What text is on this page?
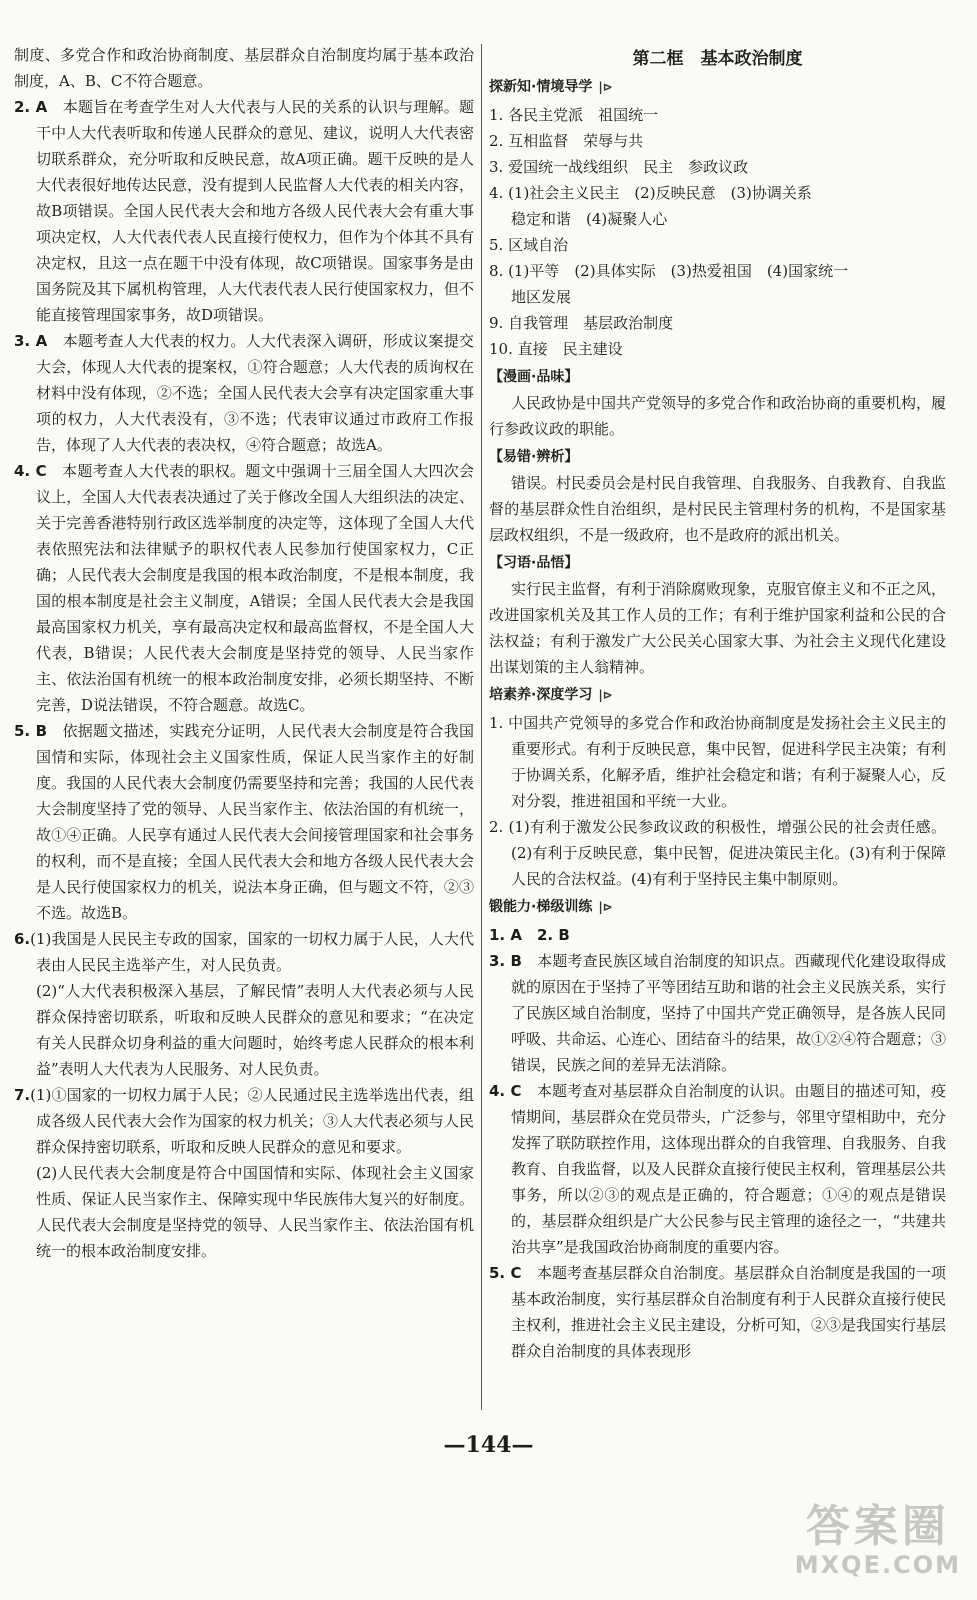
制度、多党合作和政治协商制度、基层群众自治制度均属于基本政治制度，A、B、C不符合题意。

2. A　 本题旨在考查学生对人大代表与人民的关系的认识与理解。题干中人大代表听取和传递人民群众的意见、建议，说明人大代表密切联系群众，充分听取和反映民意，故A项正确。题干反映的是人大代表很好地传达民意，没有提到人民监督人大代表的相关内容，故B项错误。全国人民代表大会和地方各级人民代表大会有重大事项决定权，人大代表代表人民直接行使权力，但作为个体其不具有决定权，且这一点在题干中没有体现，故C项错误。国家事务是由国务院及其下属机构管理，人大代表代表人民行使国家权力，但不能直接管理国家事务，故D项错误。

3. A　 本题考查人大代表的权力。人大代表深入调研，形成议案提交大会，体现人大代表的提案权，①符合题意；人大代表的质询权在材料中没有体现，②不选；全国人民代表大会享有决定国家重大事项的权力，人大代表没有，③不选；代表审议通过市政府工作报告，体现了人大代表的表决权，④符合题意；故选A。

4. C　 本题考查人大代表的职权。题文中强调十三届全国人大四次会议上，全国人大代表表决通过了关于修改全国人大组织法的决定、关于完善香港特别行政区选举制度的决定等，这体现了全国人大代表依照宪法和法律赋予的职权代表人民参加行使国家权力，C正确；人民代表大会制度是我国的根本政治制度，不是根本制度，我国的根本制度是社会主义制度，A错误；全国人民代表大会是我国最高国家权力机关，享有最高决定权和最高监督权，不是全国人大代表，B错误；人民代表大会制度是坚持党的领导、人民当家作主、依法治国有机统一的根本政治制度安排，必须长期坚持、不断完善，D说法错误，不符合题意。故选C。

5. B　 依据题文描述，实践充分证明，人民代表大会制度是符合我国国情和实际，体现社会主义国家性质，保证人民当家作主的好制度。我国的人民代表大会制度仍需要坚持和完善；我国的人民代表大会制度坚持了党的领导、人民当家作主、依法治国的有机统一，故①④正确。人民享有通过人民代表大会间接管理国家和社会事务的权利，而不是直接；全国人民代表大会和地方各级人民代表大会是人民行使国家权力的机关，说法本身正确，但与题文不符，②③不选。故选B。

6.(1)我国是人民民主专政的国家，国家的一切权力属于人民，人大代表由人民民主选举产生，对人民负责。

(2)“人大代表积极深入基层，了解民情”表明人大代表必须与人民群众保持密切联系，听取和反映人民群众的意见和要求；“在决定有关人民群众切身利益的重大问题时，始终考虑人民群众的根本利益”表明人大代表为人民服务、对人民负责。

7.(1)①国家的一切权力属于人民；②人民通过民主选举选出代表，组成各级人民代表大会作为国家的权力机关；③人大代表必须与人民群众保持密切联系，听取和反映人民群众的意见和要求。

(2)人民代表大会制度是符合中国国情和实际、体现社会主义国家性质、保证人民当家作主、保障实现中华民族伟大复兴的好制度。人民代表大会制度是坚持党的领导、人民当家作主、依法治国有机统一的根本政治制度安排。

第二框　基本政治制度
探新知·情境导学 |⊳

1. 各民主党派　祖国统一

2. 互相监督　荣辱与共

3. 爱国统一战线组织　民主　参政议政

4. (1)社会主义民主　(2)反映民意　(3)协调关系

稳定和谐　(4)凝聚人心

5. 区域自治

8. (1)平等　(2)具体实际　(3)热爱祖国　(4)国家统一

地区发展

9. 自我管理　基层政治制度

10. 直接　民主建设

【漫画·品味】

人民政协是中国共产党领导的多党合作和政治协商的重要机构，履行参政议政的职能。

【易错·辨析】

错误。村民委员会是村民自我管理、自我服务、自我教育、自我监督的基层群众性自治组织，是村民民主管理村务的机构，不是国家基层政权组织，不是一级政府，也不是政府的派出机关。

【习语·品悟】

实行民主监督，有利于消除腐败现象，克服官僚主义和不正之风，改进国家机关及其工作人员的工作；有利于维护国家利益和公民的合法权益；有利于激发广大公民关心国家大事、为社会主义现代化建设出谋划策的主人翁精神。

培素养·深度学习 |⊳

1. 中国共产党领导的多党合作和政治协商制度是发扬社会主义民主的重要形式。有利于反映民意，集中民智，促进科学民主决策；有利于协调关系，化解矛盾，维护社会稳定和谐；有利于凝聚人心，反对分裂，推进祖国和平统一大业。

2. (1)有利于激发公民参政议政的积极性，增强公民的社会责任感。(2)有利于反映民意，集中民智，促进决策民主化。(3)有利于保障人民的合法权益。(4)有利于坚持民主集中制原则。

锻能力·梯级训练 |⊳

1. A　2. B

3. B　 本题考查民族区域自治制度的知识点。西藏现代化建设取得成就的原因在于坚持了平等团结互助和谐的社会主义民族关系，实行了民族区域自治制度，坚持了中国共产党正确领导，是各族人民同呼吸、共命运、心连心、团结奋斗的结果，故①②④符合题意；③错误，民族之间的差异无法消除。

4. C　 本题考查对基层群众自治制度的认识。由题目的描述可知，疫情期间，基层群众在党员带头，广泛参与，邻里守望相助中，充分发挥了联防联控作用，这体现出群众的自我管理、自我服务、自我教育、自我监督，以及人民群众直接行使民主权利，管理基层公共事务，所以②③的观点是正确的，符合题意；①④的观点是错误的，基层群众组织是广大公民参与民主管理的途径之一，“共建共治共享”是我国政治协商制度的重要内容。

5. C　 本题考查基层群众自治制度。基层群众自治制度是我国的一项基本政治制度，实行基层群众自治制度有利于人民群众直接行使民主权利，推进社会主义民主建设，分析可知，②③是我国实行基层群众自治制度的具体表现形

—144—
答案圈
MXQE.COM
